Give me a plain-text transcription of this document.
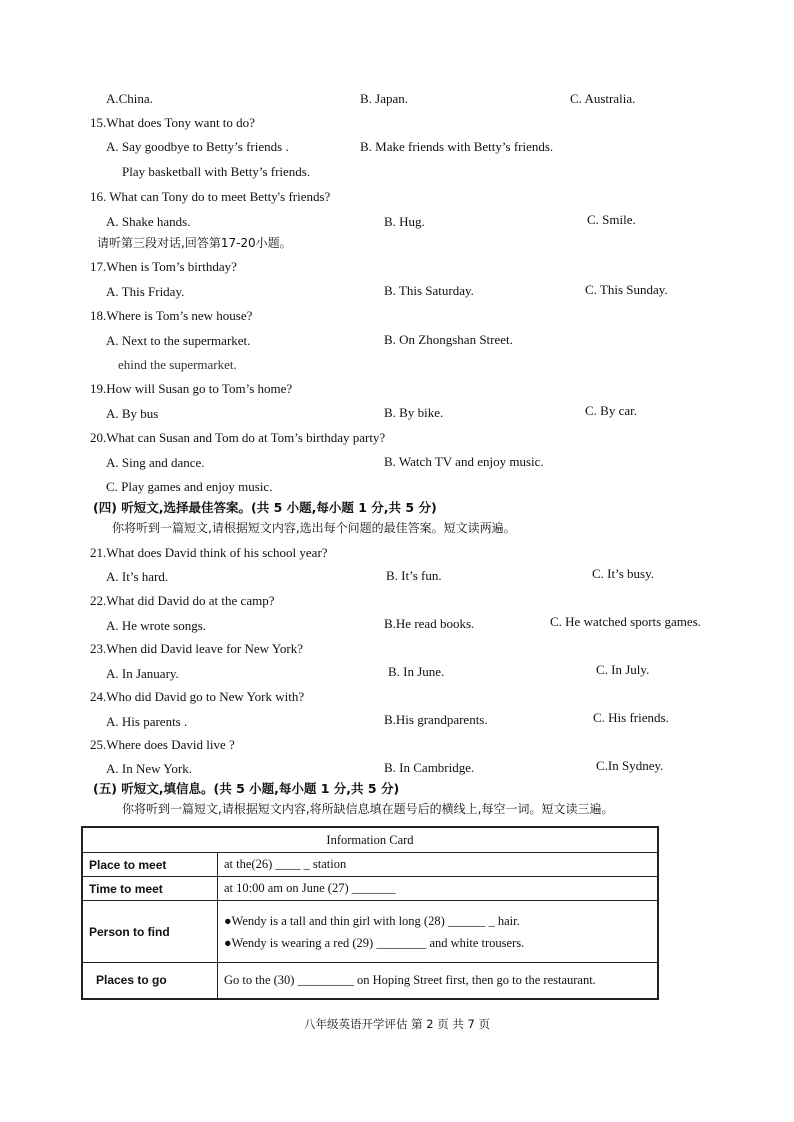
A.China.	B. Japan.	C. Australia.
15.What does Tony want to do?
A. Say goodbye to Betty’s friends .	B. Make friends with Betty’s friends.
Play basketball with Betty’s friends.
16. What can Tony do to meet Betty's friends?
A. Shake hands.	B. Hug.	C. Smile.
请听第三段对话,回答第17-20小题。
17.When is Tom’s birthday?
A. This Friday.	B. This Saturday.	C. This Sunday.
18.Where is Tom’s new house?
A. Next to the supermarket.	B. On Zhongshan Street.
ehind the supermarket.
19.How will Susan go to Tom’s home?
A. By bus	B. By bike.	C. By car.
20.What can Susan and Tom do at Tom’s birthday party?
A. Sing and dance.	B. Watch TV and enjoy music.
C. Play games and enjoy music.
(四) 听短文,选择最佳答案。(共 5 小题,每小题 1 分,共 5 分)
你将听到一篇短文,请根据短文内容,选出每个问题的最佳答案。短文读两遍。
21.What does David think of his school year?
A. It’s hard.	B. It’s fun.	C. It’s busy.
22.What did David do at the camp?
A. He wrote songs.	B.He read books.	C. He watched sports games.
23.When did David leave for New York?
A. In January.	B. In June.	C. In July.
24.Who did David go to New York with?
A. His parents .	B.His grandparents.	C. His friends.
25.Where does David live ?
A. In New York.	B. In Cambridge.	C.In Sydney.
(五) 听短文,填信息。(共 5 小题,每小题 1 分,共 5 分)
你将听到一篇短文,请根据短文内容,将所缺信息填在题号后的横线上,每空一词。短文读三遍。
Information Card	
Place to meet	at the(26) ____ _ station
Time to meet	at 10:00 am on June (27) _______
Person to find	●Wendy is a tall and thin girl with long (28) ______ _ hair.
●Wendy is wearing a red (29) ________ and white trousers.

Places to go	Go to the (30) _________ on Hoping Street first, then go to the restaurant.
八年级英语开学评估 第 2 页 共 7 页
